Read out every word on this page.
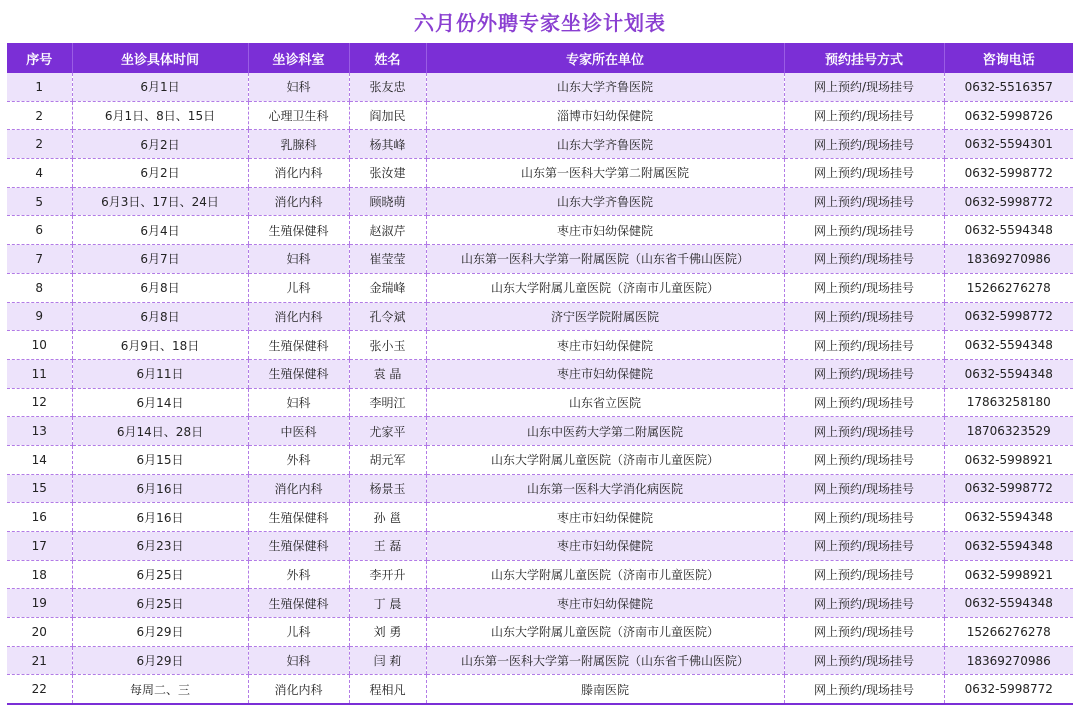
六月份外聘专家坐诊计划表
序号	坐诊具体时间	坐诊科室	姓名	专家所在单位	预约挂号方式	咨询电话
1	6月1日	妇科	张友忠	山东大学齐鲁医院	网上预约/现场挂号	0632-5516357
2	6月1日、8日、15日	心理卫生科	阎加民	淄博市妇幼保健院	网上预约/现场挂号	0632-5998726
2	6月2日	乳腺科	杨其峰	山东大学齐鲁医院	网上预约/现场挂号	0632-5594301
4	6月2日	消化内科	张汝建	山东第一医科大学第二附属医院	网上预约/现场挂号	0632-5998772
5	6月3日、17日、24日	消化内科	顾晓萌	山东大学齐鲁医院	网上预约/现场挂号	0632-5998772
6	6月4日	生殖保健科	赵淑芹	枣庄市妇幼保健院	网上预约/现场挂号	0632-5594348
7	6月7日	妇科	崔莹莹	山东第一医科大学第一附属医院（山东省千佛山医院）	网上预约/现场挂号	18369270986
8	6月8日	儿科	金瑞峰	山东大学附属儿童医院（济南市儿童医院）	网上预约/现场挂号	15266276278
9	6月8日	消化内科	孔令斌	济宁医学院附属医院	网上预约/现场挂号	0632-5998772
10	6月9日、18日	生殖保健科	张小玉	枣庄市妇幼保健院	网上预约/现场挂号	0632-5594348
11	6月11日	生殖保健科	袁 晶	枣庄市妇幼保健院	网上预约/现场挂号	0632-5594348
12	6月14日	妇科	李明江	山东省立医院	网上预约/现场挂号	17863258180
13	6月14日、28日	中医科	尤家平	山东中医药大学第二附属医院	网上预约/现场挂号	18706323529
14	6月15日	外科	胡元军	山东大学附属儿童医院（济南市儿童医院）	网上预约/现场挂号	0632-5998921
15	6月16日	消化内科	杨景玉	山东第一医科大学消化病医院	网上预约/现场挂号	0632-5998772
16	6月16日	生殖保健科	孙 邕	枣庄市妇幼保健院	网上预约/现场挂号	0632-5594348
17	6月23日	生殖保健科	王 磊	枣庄市妇幼保健院	网上预约/现场挂号	0632-5594348
18	6月25日	外科	李开升	山东大学附属儿童医院（济南市儿童医院）	网上预约/现场挂号	0632-5998921
19	6月25日	生殖保健科	丁 晨	枣庄市妇幼保健院	网上预约/现场挂号	0632-5594348
20	6月29日	儿科	刘 勇	山东大学附属儿童医院（济南市儿童医院）	网上预约/现场挂号	15266276278
21	6月29日	妇科	闫 莉	山东第一医科大学第一附属医院（山东省千佛山医院）	网上预约/现场挂号	18369270986
22	每周二、三	消化内科	程相凡	滕南医院	网上预约/现场挂号	0632-5998772
